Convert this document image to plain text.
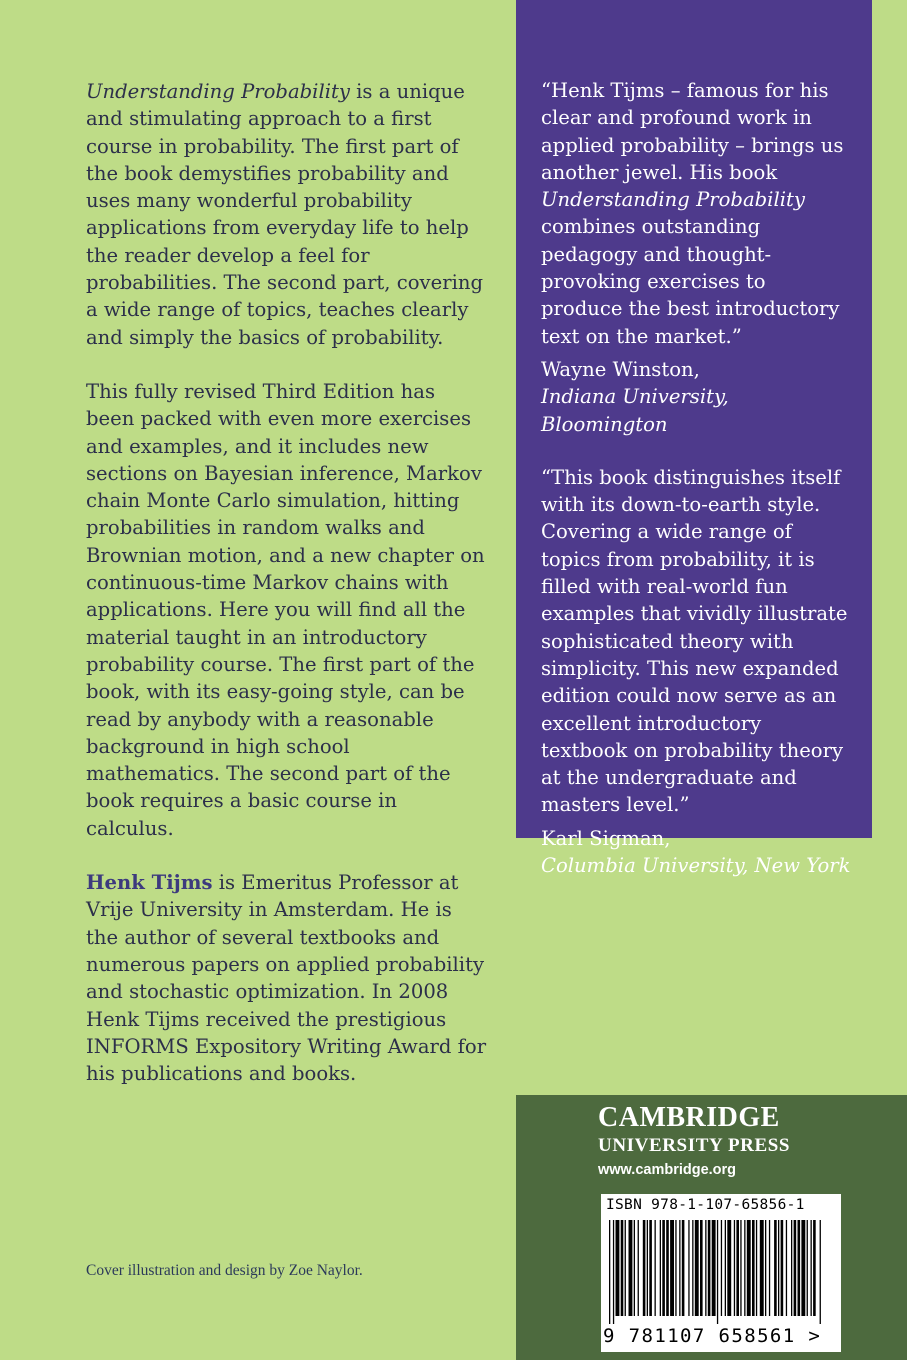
Understanding Probability is a unique and stimulating approach to a first course in probability. The first part of the book demystifies probability and uses many wonderful probability applications from everyday life to help the reader develop a feel for probabilities. The second part, covering a wide range of topics, teaches clearly and simply the basics of probability.

This fully revised Third Edition has been packed with even more exercises and examples, and it includes new sections on Bayesian inference, Markov chain Monte Carlo simulation, hitting probabilities in random walks and Brownian motion, and a new chapter on continuous-time Markov chains with applications. Here you will find all the material taught in an introductory probability course. The first part of the book, with its easy-going style, can be read by anybody with a reasonable background in high school mathematics. The second part of the book requires a basic course in calculus.

Henk Tijms is Emeritus Professor at Vrije University in Amsterdam. He is the author of several textbooks and numerous papers on applied probability and stochastic optimization. In 2008 Henk Tijms received the prestigious INFORMS Expository Writing Award for his publications and books.

Cover illustration and design by Zoe Naylor.

“Henk Tijms – famous for his clear and profound work in applied probability – brings us another jewel. His book Understanding Probability combines outstanding pedagogy and thought-provoking exercises to produce the best introductory text on the market.”

Wayne Winston,

Indiana University, Bloomington

“This book distinguishes itself with its down-to-earth style. Covering a wide range of topics from probability, it is filled with real-world fun examples that vividly illustrate sophisticated theory with simplicity. This new expanded edition could now serve as an excellent introductory textbook on probability theory at the undergraduate and masters level.”

Karl Sigman,

Columbia University, New York

CAMBRIDGE
UNIVERSITY PRESS
www.cambridge.org
ISBN 978-1-107-65856-1
9 781107 658561 >
